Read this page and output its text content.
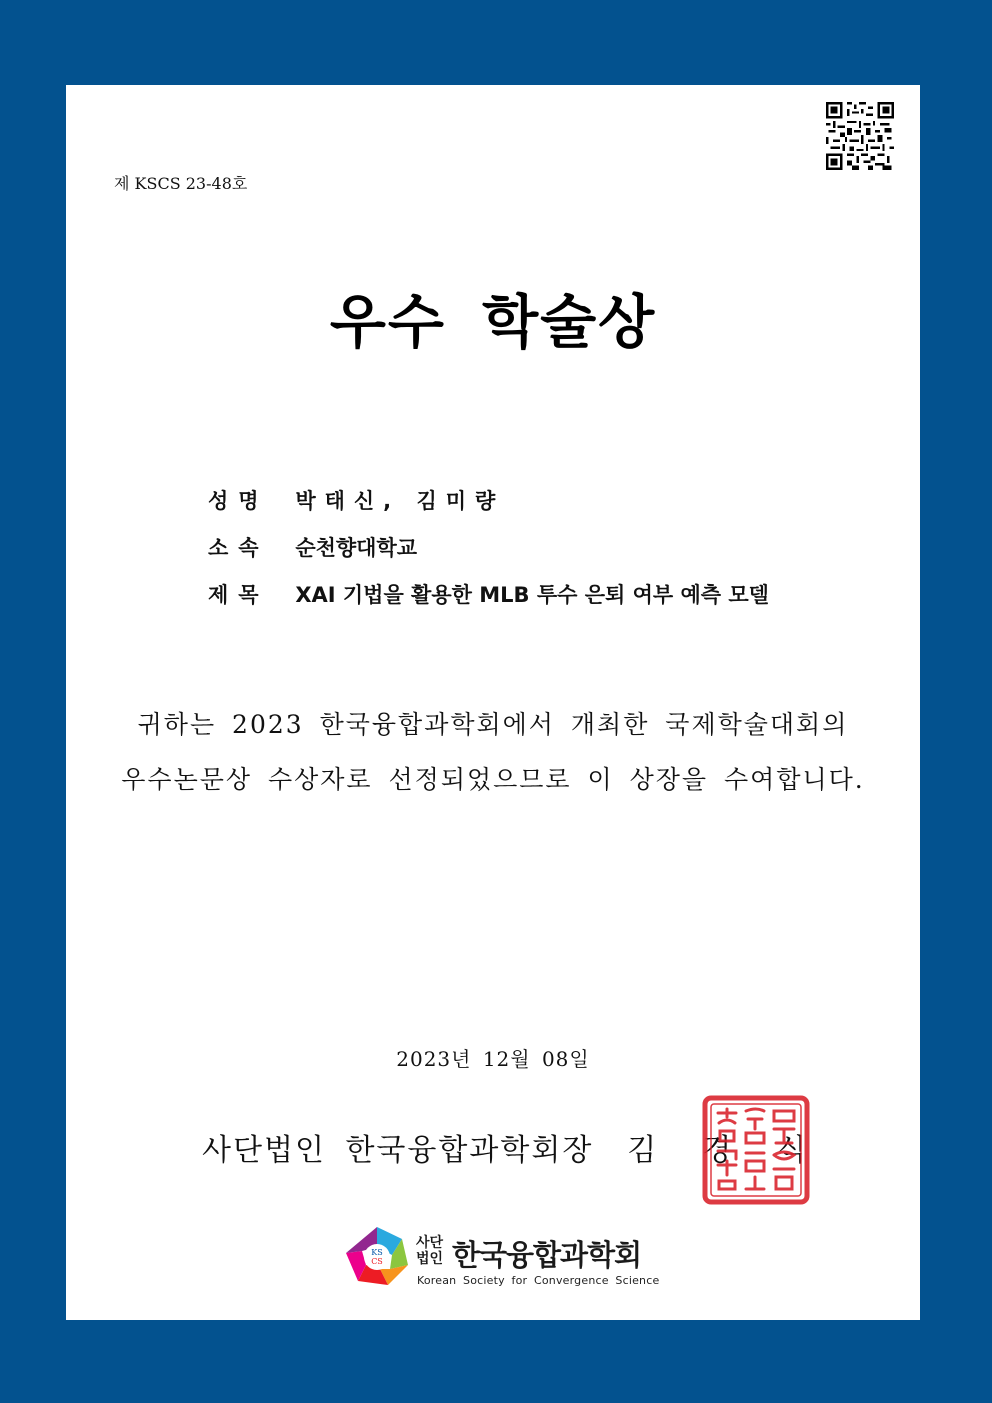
제 KSCS 23-48호
우수 학술상
성명 박태신, 김미량
소속 순천향대학교
제목 XAI 기법을 활용한 MLB 투수 은퇴 여부 예측 모델
귀하는 2023 한국융합과학회에서 개최한 국제학술대회의
우수논문상 수상자로 선정되었으므로 이 상장을 수여합니다.
2023년 12월 08일
사단법인 한국융합과학회장 김경식
KS
CS
사단법인 한국융합과학회
Korean Society for Convergence Science
